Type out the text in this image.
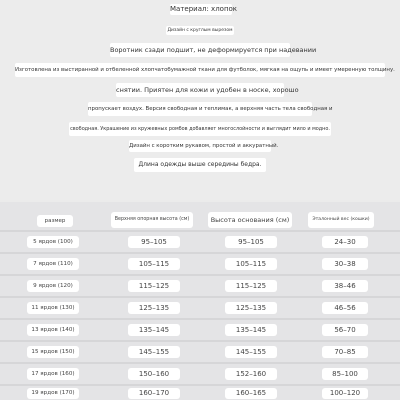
Материал: хлопок
Дизайн с круглым вырезом
Воротник сзади подшит, не деформируется при надевании
Изготовлена из выстиранной и отбеленной хлопчатобумажной ткани для футболок, мягкая на ощупь и имеет умеренную толщину.
снятии. Приятен для кожи и удобен в носке, хорошо
пропускает воздух. Версия свободная и теплимак, а верхняя часть тела свободная и
свободная. Украшение из кружевных ромбов добавляет многослойности и выглядит мило и модно.
Дизайн с коротким рукавом, простой и аккуратный.
Длина одежды выше середины бедра.
размер	Верхняя опорная высота (см)	Высота основания (см)	Эталонный вес (кошки)
5 ярдов (100)	95–105	95–105	24–30
7 ярдов (110)	105–115	105–115	30–38
9 ярдов (120)	115–125	115–125	38–46
11 ярдов (130)	125–135	125–135	46–56
13 ярдов (140)	135–145	135–145	56–70
15 ярдов (150)	145–155	145–155	70–85
17 ярдов (160)	150–160	152–160	85–100
19 ярдов (170)	160–170	160–165	100–120
